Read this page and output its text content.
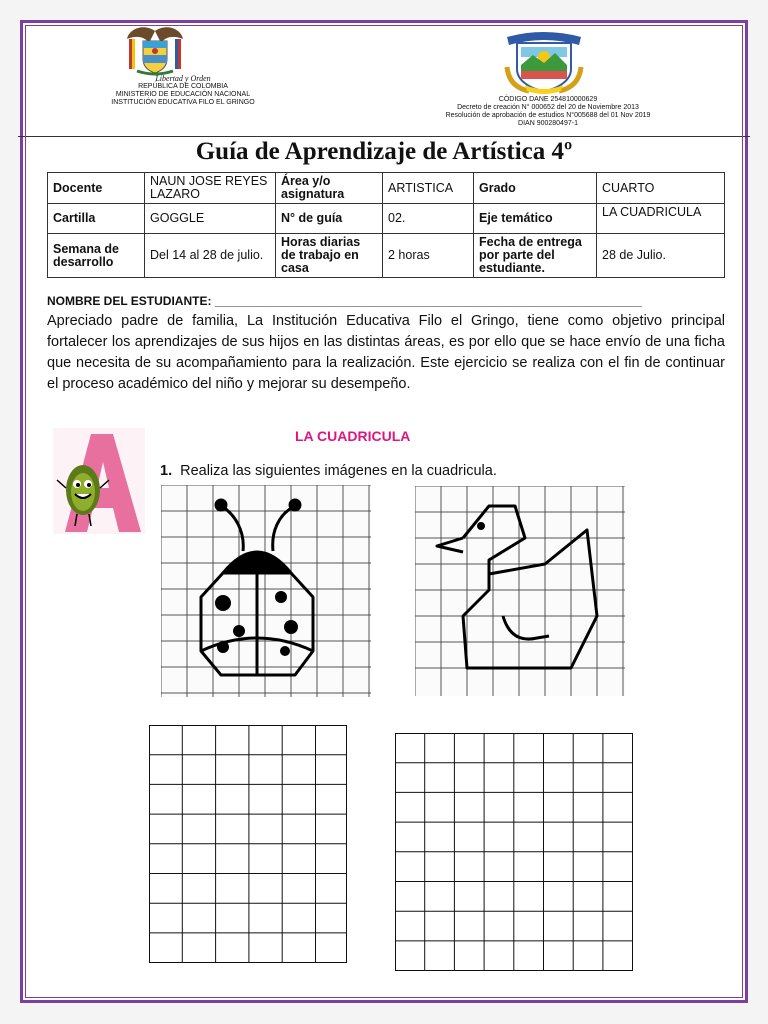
Libertad y Orden
REPÚBLICA DE COLOMBIA
MINISTERIO DE EDUCACIÓN NACIONAL
INSTITUCIÓN EDUCATIVA FILO EL GRINGO	CÓDIGO DANE 254810000629
Decreto de creación N° 000652 del 20 de Noviembre 2013
Resolución de aprobación de estudios N°005688 del 01 Nov 2019
DIAN 900280497-1
Guía de Aprendizaje de Artística 4º
Docente	NAUN JOSE REYES LAZARO	Área y/o asignatura	ARTISTICA	Grado	CUARTO
Cartilla	GOGGLE	N° de guía	02.	Eje temático	LA CUADRICULA
Semana de desarrollo	Del 14 al 28 de julio.	Horas diarias de trabajo en casa	2 horas	Fecha de entrega por parte del estudiante.	28 de Julio.
NOMBRE DEL ESTUDIANTE: ________________________________________________________________
Apreciado padre de familia, La Institución Educativa Filo el Gringo, tiene como objetivo principal fortalecer los aprendizajes de sus hijos en las distintas áreas, es por ello que se hace envío de una ficha que necesita de su acompañamiento para la realización. Este ejercicio se realiza con el fin de continuar el proceso académico del niño y mejorar su desempeño.
LA CUADRICULA
1. Realiza las siguientes imágenes en la cuadricula.
